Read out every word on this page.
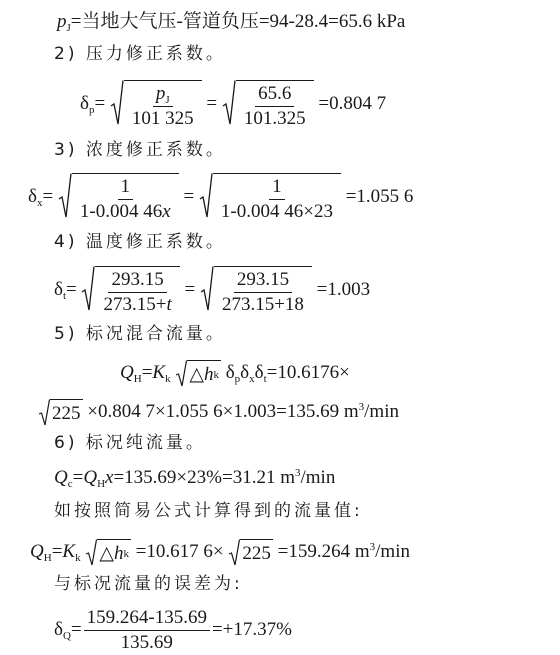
$p_J=$当地大气压-管道负压=94-28.4=65.6 kPa
2) 压力修正系数。
$\delta_p= \frac{p_J}{101 325} = \frac{65.6}{101.325} =0.804$ 7
3) 浓度修正系数。
$\delta_x= \frac{1}{1-0.004 46x} = \frac{1}{1-0.004 46\times 23} =1.055$ 6
4) 温度修正系数。
$\delta_t= \frac{293.15}{273.15+t} = \frac{293.15}{273.15+18} =1.003$
5) 标况混合流量。
$Q_H=K_k$ △ h k $\delta_p\delta_x\delta_t=10.6176\times$
225 ×0.804 7×1.055 6×1.003=135.69 $m^3/\min$
6) 标况纯流量。
$Q_c=Q_Hx=135.69\times 23\%=31.21$ $m^3/\min$
如按照简易公式计算得到的流量值:
$Q_H=K_k$ △ h k =10.617 6× 225 =159.264 $m^3/\min$
与标况流量的误差为:
$\delta_Q= \frac{159.264-135.69}{135.69} =+17.37\%$
